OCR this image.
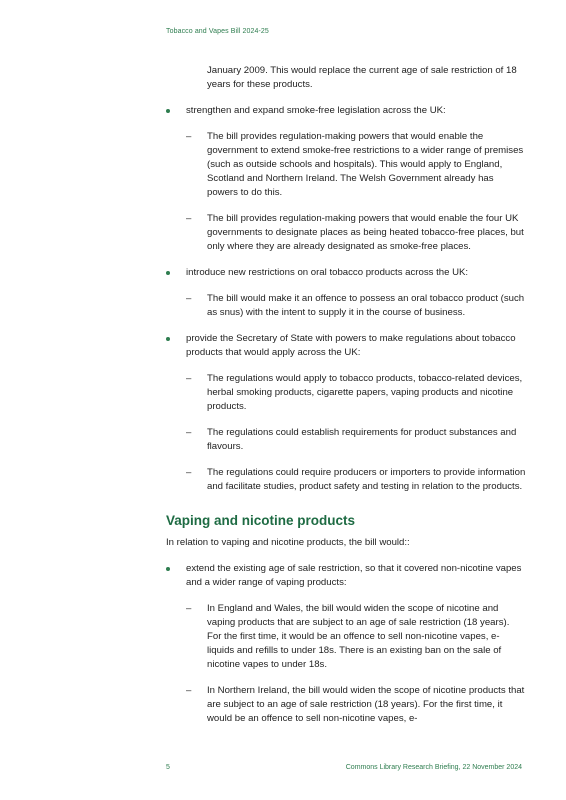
Tobacco and Vapes Bill 2024-25

January 2009. This would replace the current age of sale restriction of 18 years for these products.

strengthen and expand smoke-free legislation across the UK:
–	The bill provides regulation-making powers that would enable the government to extend smoke-free restrictions to a wider range of premises (such as outside schools and hospitals). This would apply to England, Scotland and Northern Ireland. The Welsh Government already has powers to do this.
–	The bill provides regulation-making powers that would enable the four UK governments to designate places as being heated tobacco-free places, but only where they are already designated as smoke-free places.
introduce new restrictions on oral tobacco products across the UK:
–	The bill would make it an offence to possess an oral tobacco product (such as snus) with the intent to supply it in the course of business.
provide the Secretary of State with powers to make regulations about tobacco products that would apply across the UK:
–	The regulations would apply to tobacco products, tobacco-related devices, herbal smoking products, cigarette papers, vaping products and nicotine products.
–	The regulations could establish requirements for product substances and flavours.
–	The regulations could require producers or importers to provide information and facilitate studies, product safety and testing in relation to the products.
Vaping and nicotine products

In relation to vaping and nicotine products, the bill would::

extend the existing age of sale restriction, so that it covered non-nicotine vapes and a wider range of vaping products:
–	In England and Wales, the bill would widen the scope of nicotine and vaping products that are subject to an age of sale restriction (18 years). For the first time, it would be an offence to sell non-nicotine vapes, e-liquids and refills to under 18s. There is an existing ban on the sale of nicotine vapes to under 18s.
–	In Northern Ireland, the bill would widen the scope of nicotine products that are subject to an age of sale restriction (18 years). For the first time, it would be an offence to sell non-nicotine vapes, e-
5	Commons Library Research Briefing, 22 November 2024
